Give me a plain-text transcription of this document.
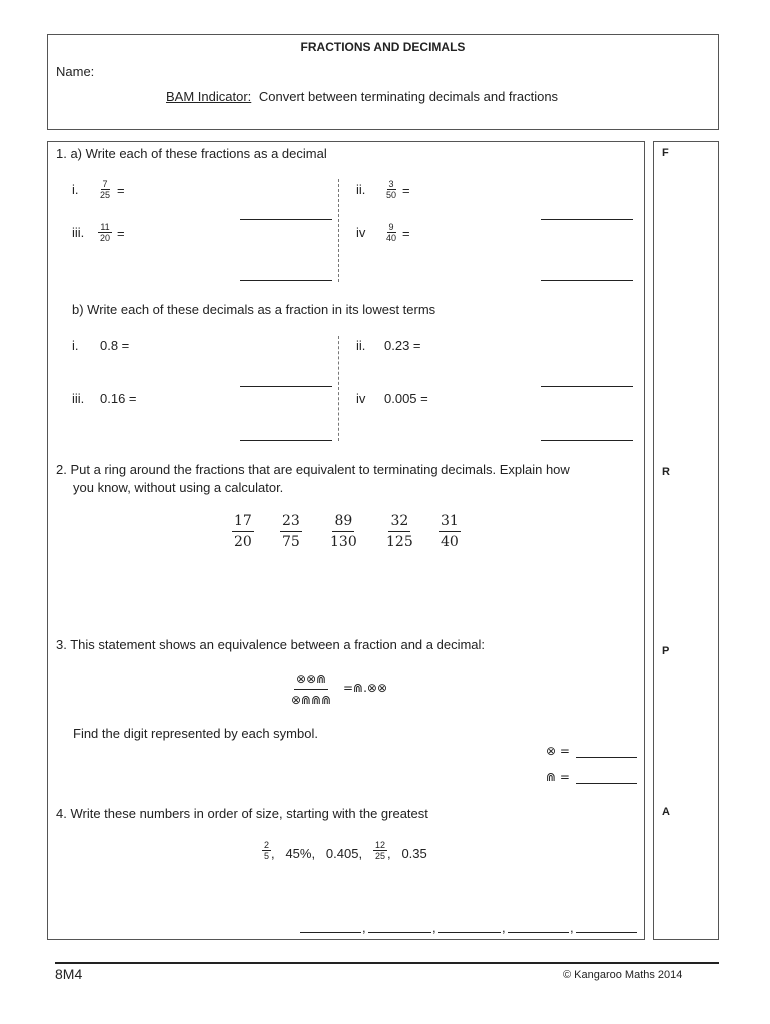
FRACTIONS AND DECIMALS
Name:
BAM Indicator: Convert between terminating decimals and fractions
F
R
P
A
1. a) Write each of these fractions as a decimal
i. $\frac{7}{25}$ =	ii. $\frac{3}{50}$ =
iii. $\frac{11}{20}$ =	iv $\frac{9}{40}$ =
b) Write each of these decimals as a fraction in its lowest terms
i. 0.8 =	ii. 0.23 =
iii. 0.16 =	iv 0.005 =
2. Put a ring around the fractions that are equivalent to terminating decimals. Explain how
you know, without using a calculator.
$\frac{17}{20} \frac{23}{75} \frac{89}{130} \frac{32}{125} \frac{31}{40}$
3. This statement shows an equivalence between a fraction and a decimal:
⊗⊗⋒
⊗⋒⋒⋒
=⋒.⊗⊗
Find the digit represented by each symbol.
⊗ =
⋒ =
4. Write these numbers in order of size, starting with the greatest
$\frac{2}{5}$ ,   45%,   0.405, $\frac{12}{25}$ ,   0.35
,	,	,	,
8M4	© Kangaroo Maths 2014
